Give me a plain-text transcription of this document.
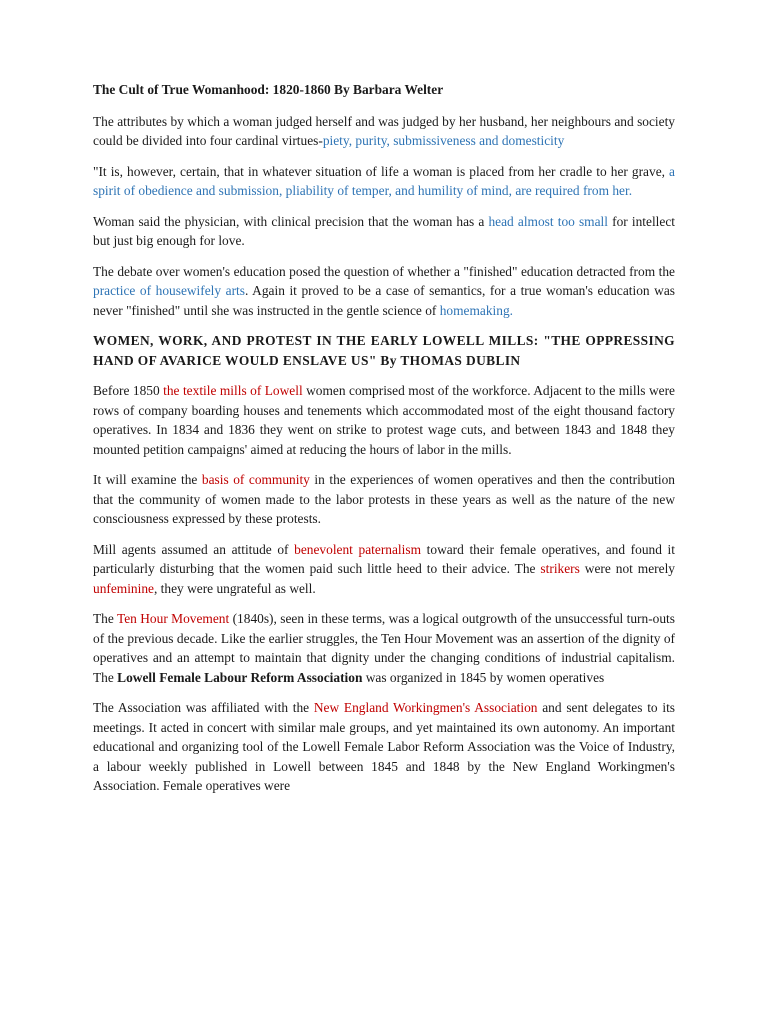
The Cult of True Womanhood: 1820-1860 By Barbara Welter

The attributes by which a woman judged herself and was judged by her husband, her neighbours and society could be divided into four cardinal virtues-piety, purity, submissiveness and domesticity

"It is, however, certain, that in whatever situation of life a woman is placed from her cradle to her grave, a spirit of obedience and submission, pliability of temper, and humility of mind, are required from her.

Woman said the physician, with clinical precision that the woman has a head almost too small for intellect but just big enough for love.

The debate over women's education posed the question of whether a "finished" education detracted from the practice of housewifely arts. Again it proved to be a case of semantics, for a true woman's education was never "finished" until she was instructed in the gentle science of homemaking.

WOMEN, WORK, AND PROTEST IN THE EARLY LOWELL MILLS: "THE OPPRESSING HAND OF AVARICE WOULD ENSLAVE US" By THOMAS DUBLIN

Before 1850 the textile mills of Lowell women comprised most of the workforce. Adjacent to the mills were rows of company boarding houses and tenements which accommodated most of the eight thousand factory operatives. In 1834 and 1836 they went on strike to protest wage cuts, and between 1843 and 1848 they mounted petition campaigns' aimed at reducing the hours of labor in the mills.

It will examine the basis of community in the experiences of women operatives and then the contribution that the community of women made to the labor protests in these years as well as the nature of the new consciousness expressed by these protests.

Mill agents assumed an attitude of benevolent paternalism toward their female operatives, and found it particularly disturbing that the women paid such little heed to their advice. The strikers were not merely unfeminine, they were ungrateful as well.

The Ten Hour Movement (1840s), seen in these terms, was a logical outgrowth of the unsuccessful turn-outs of the previous decade. Like the earlier struggles, the Ten Hour Movement was an assertion of the dignity of operatives and an attempt to maintain that dignity under the changing conditions of industrial capitalism. The Lowell Female Labour Reform Association was organized in 1845 by women operatives

The Association was affiliated with the New England Workingmen's Association and sent delegates to its meetings. It acted in concert with similar male groups, and yet maintained its own autonomy. An important educational and organizing tool of the Lowell Female Labor Reform Association was the Voice of Industry, a labour weekly published in Lowell between 1845 and 1848 by the New England Workingmen's Association. Female operatives were
